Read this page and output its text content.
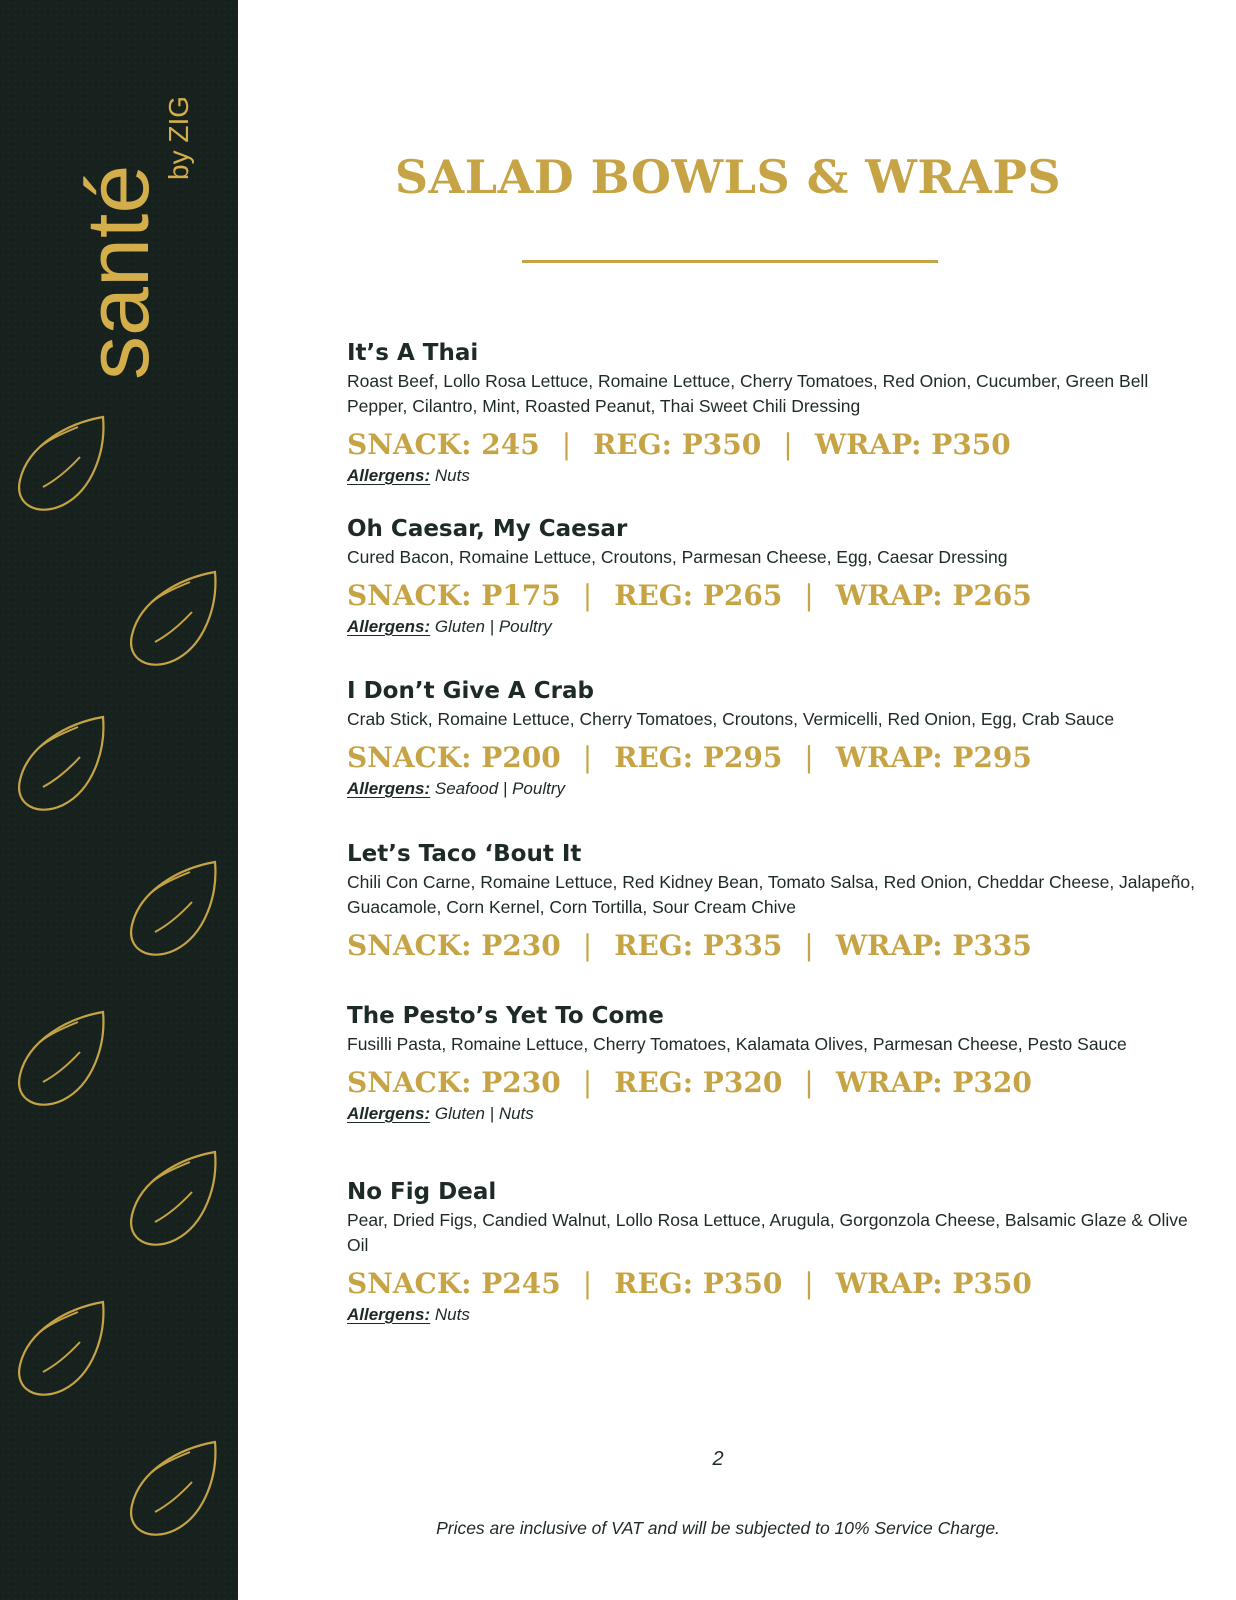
santé
by ZIG	SALAD BOWLS & WRAPS
It’s A Thai
Roast Beef, Lollo Rosa Lettuce, Romaine Lettuce, Cherry Tomatoes, Red Onion, Cucumber, Green Bell Pepper, Cilantro, Mint, Roasted Peanut, Thai Sweet Chili Dressing
SNACK: 245 | REG: P350 | WRAP: P350
Allergens: Nuts
Oh Caesar, My Caesar
Cured Bacon, Romaine Lettuce, Croutons, Parmesan Cheese, Egg, Caesar Dressing
SNACK: P175 | REG: P265 | WRAP: P265
Allergens: Gluten | Poultry
I Don’t Give A Crab
Crab Stick, Romaine Lettuce, Cherry Tomatoes, Croutons, Vermicelli, Red Onion, Egg, Crab Sauce
SNACK: P200 | REG: P295 | WRAP: P295
Allergens: Seafood | Poultry
Let’s Taco ‘Bout It
Chili Con Carne, Romaine Lettuce, Red Kidney Bean, Tomato Salsa, Red Onion, Cheddar Cheese, Jalapeño, Guacamole, Corn Kernel, Corn Tortilla, Sour Cream Chive
SNACK: P230 | REG: P335 | WRAP: P335
The Pesto’s Yet To Come
Fusilli Pasta, Romaine Lettuce, Cherry Tomatoes, Kalamata Olives, Parmesan Cheese, Pesto Sauce
SNACK: P230 | REG: P320 | WRAP: P320
Allergens: Gluten | Nuts
No Fig Deal
Pear, Dried Figs, Candied Walnut, Lollo Rosa Lettuce, Arugula, Gorgonzola Cheese, Balsamic Glaze & Olive Oil
SNACK: P245 | REG: P350 | WRAP: P350
Allergens: Nuts
2
Prices are inclusive of VAT and will be subjected to 10% Service Charge.
